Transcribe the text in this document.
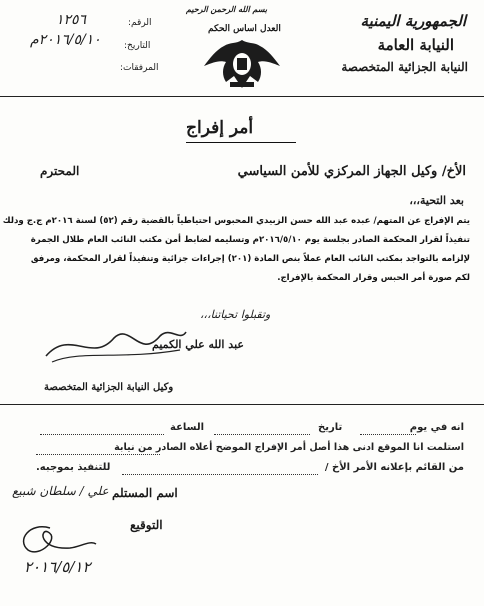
الجمهورية اليمنية
النيابة العامة
النيابة الجزائية المتخصصة
بسم الله الرحمن الرحيم
العدل اساس الحكم
الرقم:
التاريخ:
المرفقات:
١٢٥٦
٢٠١٦/٥/١٠م
أمر إفراج
الأخ/ وكيل الجهاز المركزي للأمن السياسي
المحترم
بعد التحية،،،
يتم الإفراج عن المتهم/ عبده عبد الله حسن الزبيدي المحبوس احتياطياً بالقضية رقم (٥٢) لسنة ٢٠١٦م ج.ج ودلك
تنفيذاً لقرار المحكمة الصادر بجلسة يوم ٢٠١٦/٥/١٠م وتسليمه لضابط أمن مكتب النائب العام طلال الجمرة
لإلزامه بالتواجد بمكتب النائب العام عملاً بنص المادة (٢٠١) إجراءات جزائية وتنفيذاً لقرار المحكمة، ومرفق
لكم صورة أمر الحبس وقرار المحكمة بالإفراج.
وتقبلوا تحياتنا،،،
عبد الله علي الكميم
وكيل النيابة الجزائية المتخصصة
انه في يوم
تاريخ
الساعة
استلمت انا الموقع ادنى هذا أصل أمر الإفراج الموضح أعلاه الصادر من نيابة
من القائم بإعلانه الأمر الأخ /
للتنفيذ بموجبه.
اسم المستلم
علي / سلطان شبيع
التوقيع
٢٠١٦/٥/١٢
